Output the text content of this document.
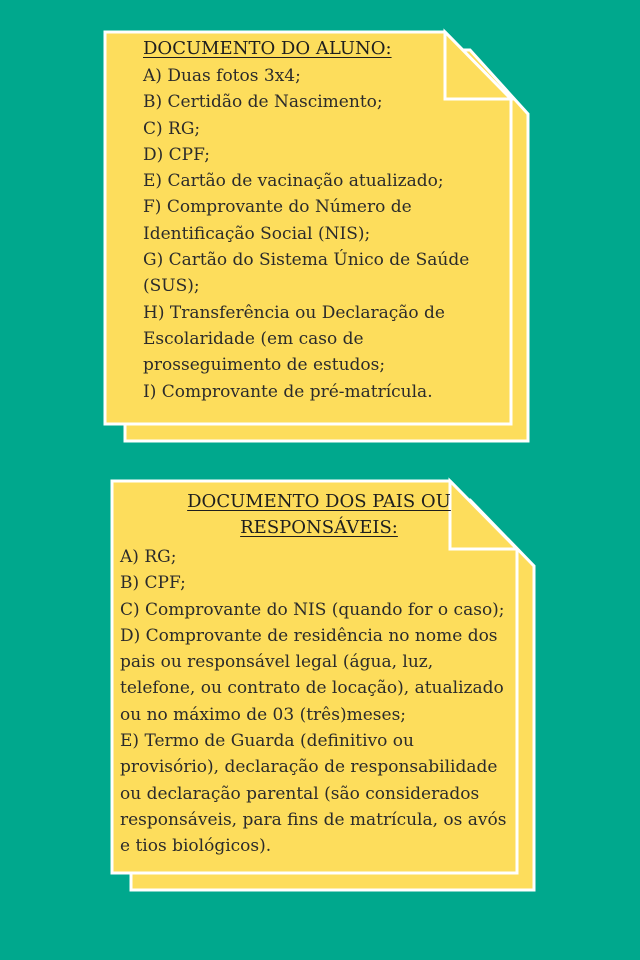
DOCUMENTO DO ALUNO:
A) Duas fotos 3x4;
B) Certidão de Nascimento;
C) RG;
D) CPF;
E) Cartão de vacinação atualizado;
F) Comprovante do Número de Identificação Social (NIS);
G) Cartão do Sistema Único de Saúde (SUS);
H) Transferência ou Declaração de Escolaridade (em caso de prosseguimento de estudos;
I) Comprovante de pré-matrícula.
DOCUMENTO DOS PAIS OU RESPONSÁVEIS:
A) RG;
B) CPF;
C) Comprovante do NIS (quando for o caso);
D) Comprovante de residência no nome dos pais ou responsável legal (água, luz, telefone, ou contrato de locação), atualizado ou no máximo de 03 (três)meses;
E) Termo de Guarda (definitivo ou provisório), declaração de responsabilidade ou declaração parental (são considerados responsáveis, para fins de matrícula, os avós e tios biológicos).
